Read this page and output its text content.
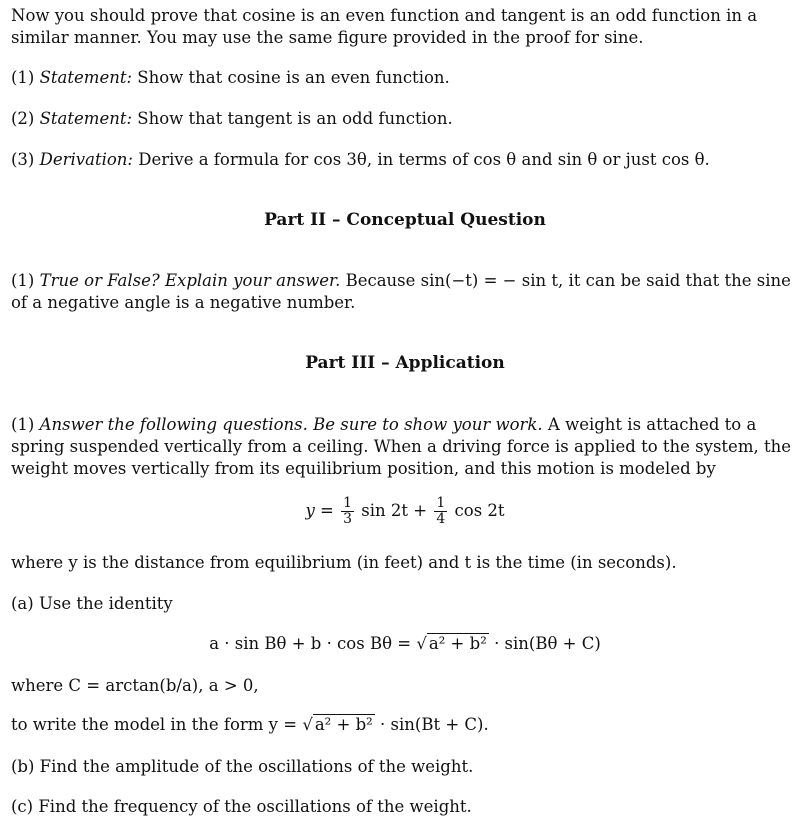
Now you should prove that cosine is an even function and tangent is an odd function in a similar manner. You may use the same figure provided in the proof for sine.

(1) Statement: Show that cosine is an even function.

(2) Statement: Show that tangent is an odd function.

(3) Derivation: Derive a formula for cos 3θ, in terms of cos θ and sin θ or just cos θ.

Part II – Conceptual Question

(1) True or False? Explain your answer. Because sin(−t) = − sin t, it can be said that the sine of a negative angle is a negative number.

Part III – Application

(1) Answer the following questions. Be sure to show your work. A weight is attached to a spring suspended vertically from a ceiling. When a driving force is applied to the system, the weight moves vertically from its equilibrium position, and this motion is modeled by

$y = \frac{1}{3}$ $\sin 2t + \frac{1}{4}$ cos 2t

where y is the distance from equilibrium (in feet) and t is the time (in seconds).

(a) Use the identity

a · sin Bθ + b · cos Bθ = √ a² + b² · sin(Bθ + C)

where C = arctan(b/a), a > 0,

to write the model in the form y = √ a² + b² · sin(Bt + C).

(b) Find the amplitude of the oscillations of the weight.

(c) Find the frequency of the oscillations of the weight.
